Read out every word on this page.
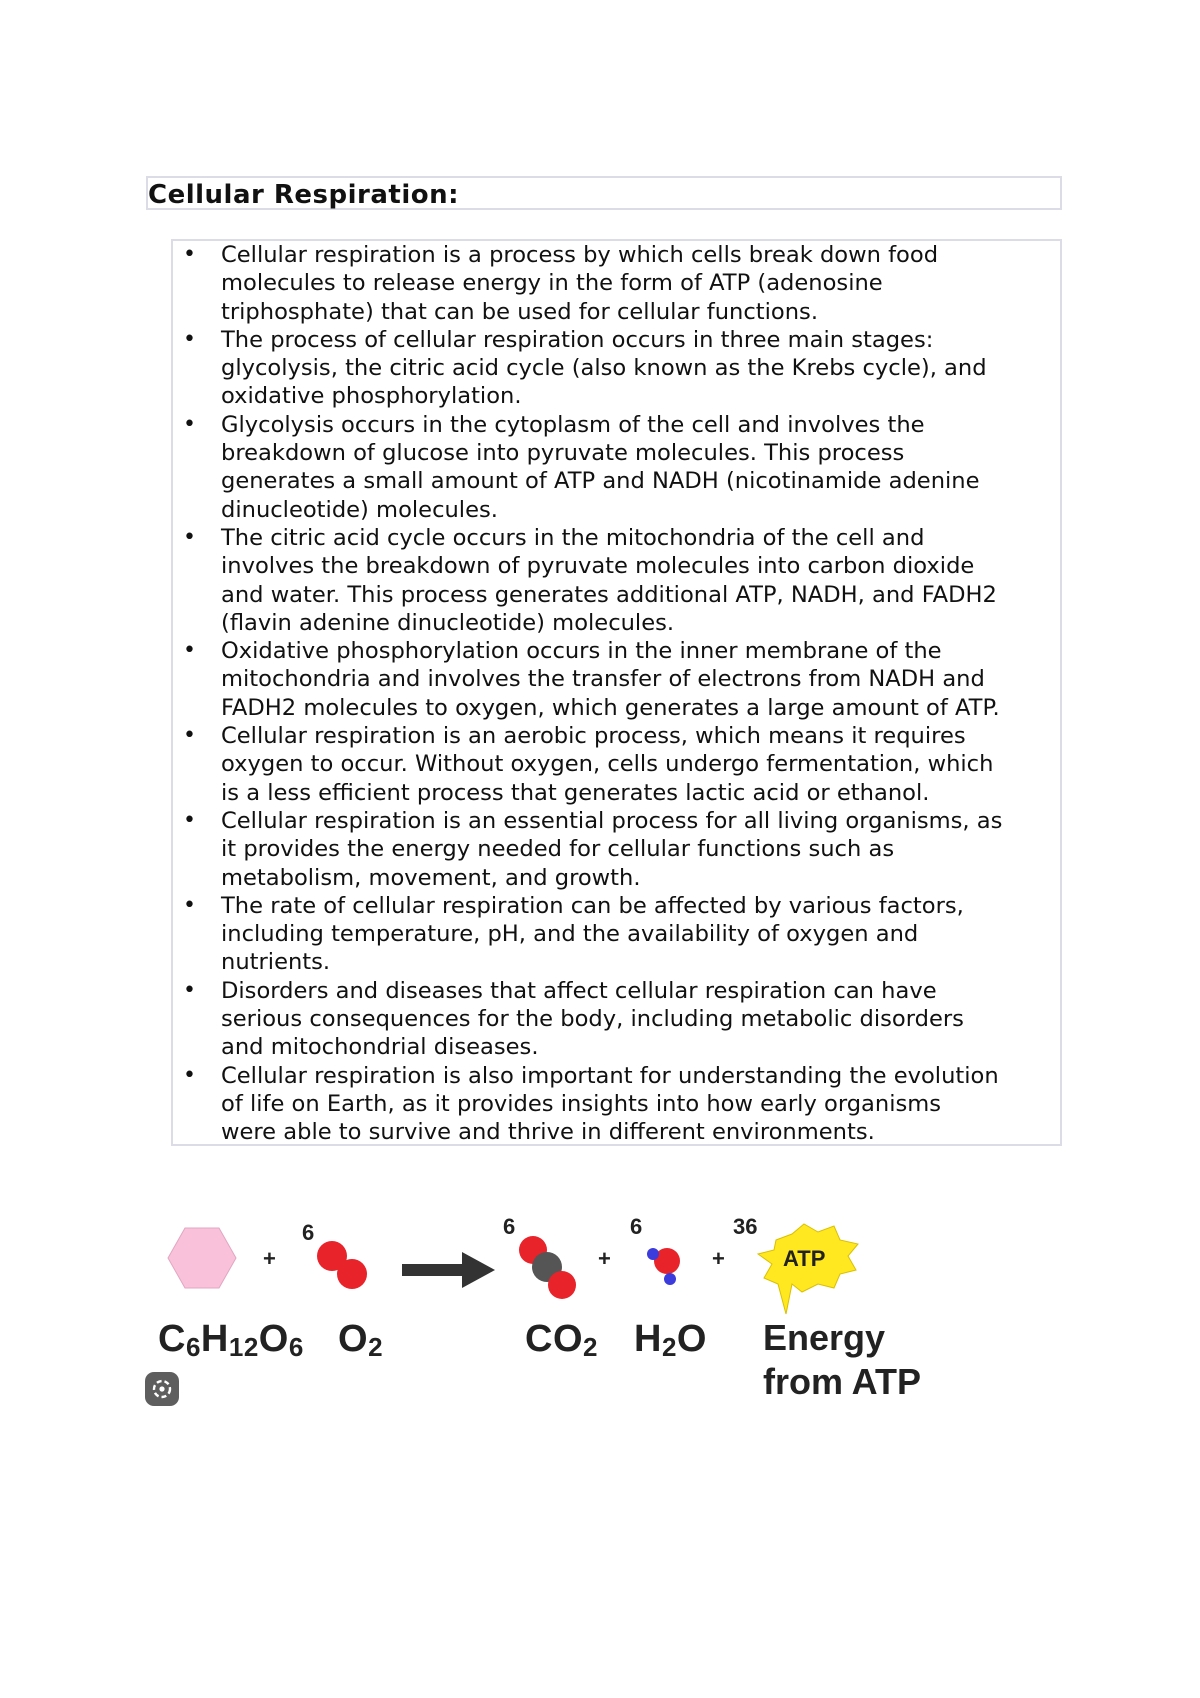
Cellular Respiration:
• Cellular respiration is a process by which cells break down food
molecules to release energy in the form of ATP (adenosine
triphosphate) that can be used for cellular functions.
• The process of cellular respiration occurs in three main stages:
glycolysis, the citric acid cycle (also known as the Krebs cycle), and
oxidative phosphorylation.
• Glycolysis occurs in the cytoplasm of the cell and involves the
breakdown of glucose into pyruvate molecules. This process
generates a small amount of ATP and NADH (nicotinamide adenine
dinucleotide) molecules.
• The citric acid cycle occurs in the mitochondria of the cell and
involves the breakdown of pyruvate molecules into carbon dioxide
and water. This process generates additional ATP, NADH, and FADH2
(flavin adenine dinucleotide) molecules.
• Oxidative phosphorylation occurs in the inner membrane of the
mitochondria and involves the transfer of electrons from NADH and
FADH2 molecules to oxygen, which generates a large amount of ATP.
• Cellular respiration is an aerobic process, which means it requires
oxygen to occur. Without oxygen, cells undergo fermentation, which
is a less efficient process that generates lactic acid or ethanol.
• Cellular respiration is an essential process for all living organisms, as
it provides the energy needed for cellular functions such as
metabolism, movement, and growth.
• The rate of cellular respiration can be affected by various factors,
including temperature, pH, and the availability of oxygen and
nutrients.
• Disorders and diseases that affect cellular respiration can have
serious consequences for the body, including metabolic disorders
and mitochondrial diseases.
• Cellular respiration is also important for understanding the evolution
of life on Earth, as it provides insights into how early organisms
were able to survive and thrive in different environments.
+
6	6
+
6
+
36
ATP
$C_6H_{12}O_6$ $O_2$	$CO_2$ $H_2O$ Energy
from ATP
